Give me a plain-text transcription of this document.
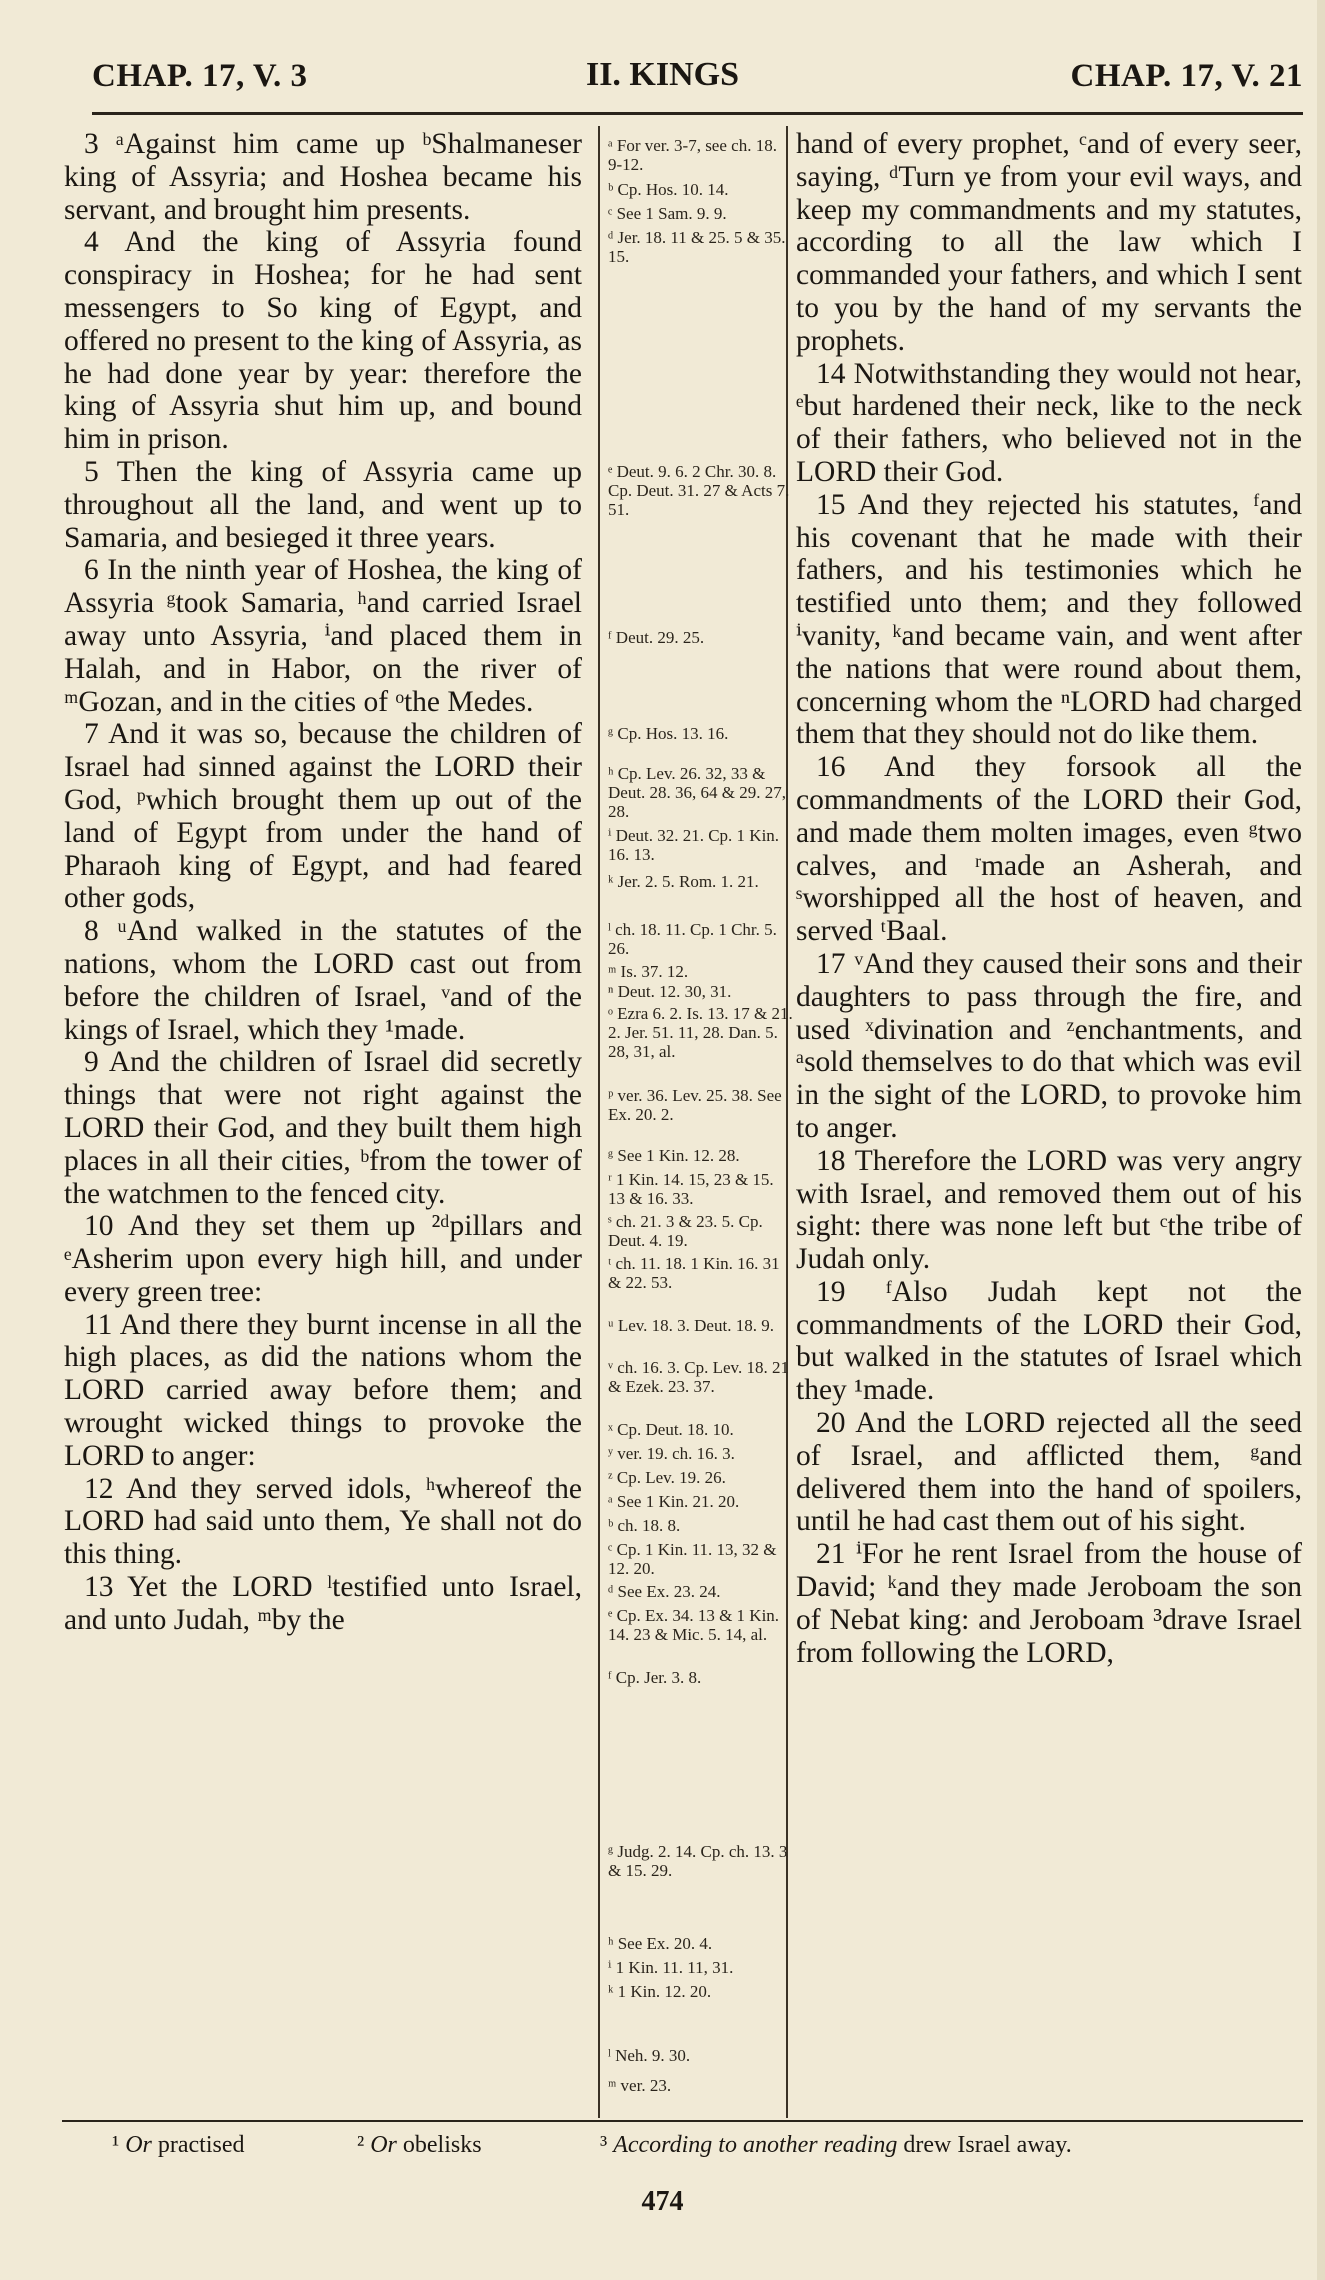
CHAP. 17, V. 3	II. KINGS	CHAP. 17, V. 21

3 ᵃAgainst him came up ᵇShalmaneser king of Assyria; and Hoshea became his servant, and brought him presents.

4 And the king of Assyria found conspiracy in Hoshea; for he had sent messengers to So king of Egypt, and offered no present to the king of Assyria, as he had done year by year: therefore the king of Assyria shut him up, and bound him in prison.

5 Then the king of Assyria came up throughout all the land, and went up to Samaria, and besieged it three years.

6 In the ninth year of Hoshea, the king of Assyria ᵍtook Samaria, ʰand carried Israel away unto Assyria, ⁱand placed them in Halah, and in Habor, on the river of ᵐGozan, and in the cities of ᵒthe Medes.

7 And it was so, because the children of Israel had sinned against the LORD their God, ᵖwhich brought them up out of the land of Egypt from under the hand of Pharaoh king of Egypt, and had feared other gods,

8 ᵘAnd walked in the statutes of the nations, whom the LORD cast out from before the children of Israel, ᵛand of the kings of Israel, which they ¹made.

9 And the children of Israel did secretly things that were not right against the LORD their God, and they built them high places in all their cities, ᵇfrom the tower of the watchmen to the fenced city.

10 And they set them up ²ᵈpillars and ᵉAsherim upon every high hill, and under every green tree:

11 And there they burnt incense in all the high places, as did the nations whom the LORD carried away before them; and wrought wicked things to provoke the LORD to anger:

12 And they served idols, ʰwhereof the LORD had said unto them, Ye shall not do this thing.

13 Yet the LORD ˡtestified unto Israel, and unto Judah, ᵐby the

ᵃ For ver. 3-7, see ch. 18. 9-12.
ᵇ Cp. Hos. 10. 14.
ᶜ See 1 Sam. 9. 9.
ᵈ Jer. 18. 11 & 25. 5 & 35. 15.
ᵉ Deut. 9. 6. 2 Chr. 30. 8. Cp. Deut. 31. 27 & Acts 7. 51.
ᶠ Deut. 29. 25.
ᵍ Cp. Hos. 13. 16.
ʰ Cp. Lev. 26. 32, 33 & Deut. 28. 36, 64 & 29. 27, 28.
ⁱ Deut. 32. 21. Cp. 1 Kin. 16. 13.
ᵏ Jer. 2. 5. Rom. 1. 21.
ˡ ch. 18. 11. Cp. 1 Chr. 5. 26.
ᵐ Is. 37. 12.
ⁿ Deut. 12. 30, 31.
ᵒ Ezra 6. 2. Is. 13. 17 & 21. 2. Jer. 51. 11, 28. Dan. 5. 28, 31, al.
ᵖ ver. 36. Lev. 25. 38. See Ex. 20. 2.
ᵍ See 1 Kin. 12. 28.
ʳ 1 Kin. 14. 15, 23 & 15. 13 & 16. 33.
ˢ ch. 21. 3 & 23. 5. Cp. Deut. 4. 19.
ᵗ ch. 11. 18. 1 Kin. 16. 31 & 22. 53.
ᵘ Lev. 18. 3. Deut. 18. 9.
ᵛ ch. 16. 3. Cp. Lev. 18. 21 & Ezek. 23. 37.
ˣ Cp. Deut. 18. 10.
ʸ ver. 19. ch. 16. 3.
ᶻ Cp. Lev. 19. 26.
ᵃ See 1 Kin. 21. 20.
ᵇ ch. 18. 8.
ᶜ Cp. 1 Kin. 11. 13, 32 & 12. 20.
ᵈ See Ex. 23. 24.
ᵉ Cp. Ex. 34. 13 & 1 Kin. 14. 23 & Mic. 5. 14, al.
ᶠ Cp. Jer. 3. 8.
ᵍ Judg. 2. 14. Cp. ch. 13. 3 & 15. 29.
ʰ See Ex. 20. 4.
ⁱ 1 Kin. 11. 11, 31.
ᵏ 1 Kin. 12. 20.
ˡ Neh. 9. 30.
ᵐ ver. 23.

hand of every prophet, ᶜand of every seer, saying, ᵈTurn ye from your evil ways, and keep my commandments and my statutes, according to all the law which I commanded your fathers, and which I sent to you by the hand of my servants the prophets.

14 Notwithstanding they would not hear, ᵉbut hardened their neck, like to the neck of their fathers, who believed not in the LORD their God.

15 And they rejected his statutes, ᶠand his covenant that he made with their fathers, and his testimonies which he testified unto them; and they followed ⁱvanity, ᵏand became vain, and went after the nations that were round about them, concerning whom the ⁿLORD had charged them that they should not do like them.

16 And they forsook all the commandments of the LORD their God, and made them molten images, even ᵍtwo calves, and ʳmade an Asherah, and ˢworshipped all the host of heaven, and served ᵗBaal.

17 ᵛAnd they caused their sons and their daughters to pass through the fire, and used ˣdivination and ᶻenchantments, and ᵃsold themselves to do that which was evil in the sight of the LORD, to provoke him to anger.

18 Therefore the LORD was very angry with Israel, and removed them out of his sight: there was none left but ᶜthe tribe of Judah only.

19 ᶠAlso Judah kept not the commandments of the LORD their God, but walked in the statutes of Israel which they ¹made.

20 And the LORD rejected all the seed of Israel, and afflicted them, ᵍand delivered them into the hand of spoilers, until he had cast them out of his sight.

21 ⁱFor he rent Israel from the house of David; ᵏand they made Jeroboam the son of Nebat king: and Jeroboam ³drave Israel from following the LORD,

¹ Or practised	² Or obelisks	³ According to another reading drew Israel away.
474
